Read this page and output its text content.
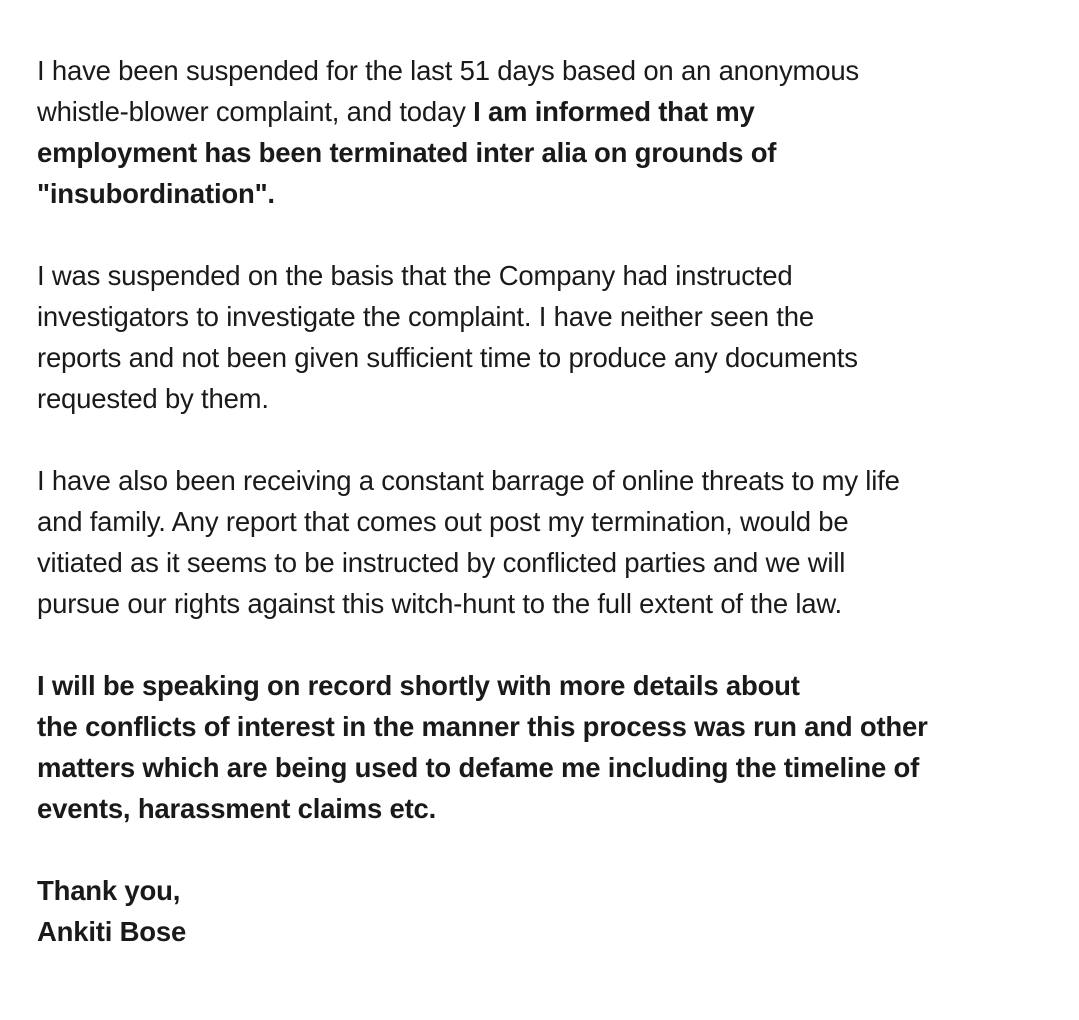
I have been suspended for the last 51 days based on an anonymous
whistle-blower complaint, and today I am informed that my
employment has been terminated inter alia on grounds of
"insubordination".

I was suspended on the basis that the Company had instructed
investigators to investigate the complaint. I have neither seen the
reports and not been given sufficient time to produce any documents
requested by them.

I have also been receiving a constant barrage of online threats to my life
and family. Any report that comes out post my termination, would be
vitiated as it seems to be instructed by conflicted parties and we will
pursue our rights against this witch-hunt to the full extent of the law.

I will be speaking on record shortly with more details about
the conflicts of interest in the manner this process was run and other
matters which are being used to defame me including the timeline of
events, harassment claims etc.

Thank you,
Ankiti Bose
